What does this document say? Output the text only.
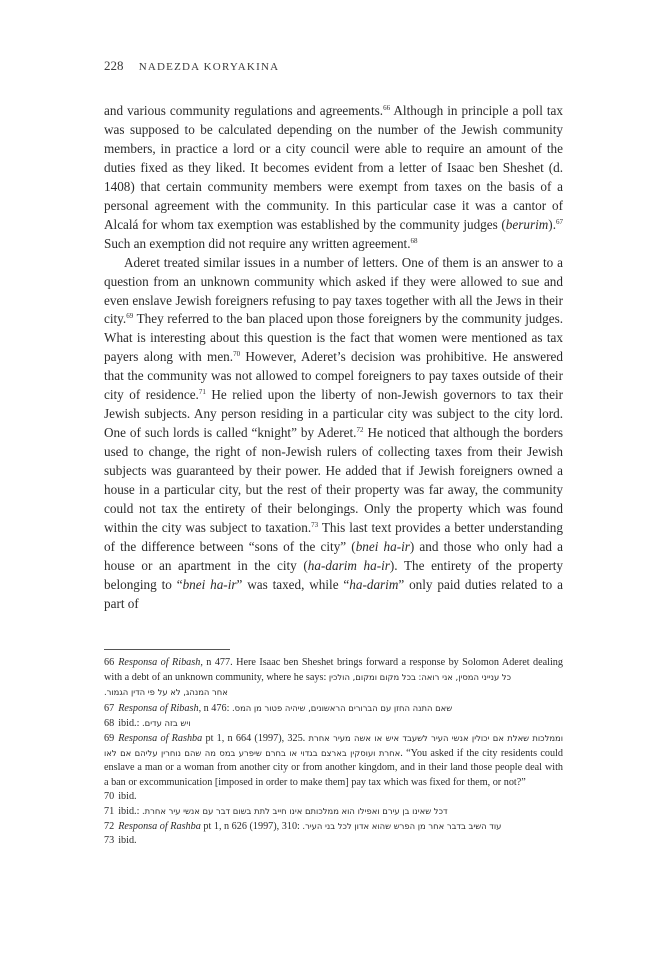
228 NADEZDA KORYAKINA

and various community regulations and agreements.$^{66}$ Although in principle a poll tax was supposed to be calculated depending on the number of the Jewish community members, in practice a lord or a city council were able to require an amount of the duties fixed as they liked. It becomes evident from a letter of Isaac ben Sheshet (d. 1408) that certain community members were exempt from taxes on the basis of a personal agreement with the community. In this particular case it was a cantor of Alcalá for whom tax exemption was established by the community judges (berurim).$^{67}$ Such an exemption did not require any written agreement.$^{68}$

Aderet treated similar issues in a number of letters. One of them is an answer to a question from an unknown community which asked if they were allowed to sue and even enslave Jewish foreigners refusing to pay taxes together with all the Jews in their city.$^{69}$ They referred to the ban placed upon those foreigners by the community judges. What is interesting about this question is the fact that women were mentioned as tax payers along with men.$^{70}$ However, Aderet’s decision was prohibitive. He answered that the community was not allowed to compel foreigners to pay taxes outside of their city of residence.$^{71}$ He relied upon the liberty of non-Jewish governors to tax their Jewish subjects. Any person residing in a particular city was subject to the city lord. One of such lords is called “knight” by Aderet.$^{72}$ He noticed that although the borders used to change, the right of non-Jewish rulers of collecting taxes from their Jewish subjects was guaranteed by their power. He added that if Jewish foreigners owned a house in a particular city, but the rest of their property was far away, the community could not tax the entirety of their belongings. Only the property which was found within the city was subject to taxation.$^{73}$ This last text provides a better understanding of the difference between “sons of the city” (bnei ha-ir) and those who only had a house or an apartment in the city (ha-darim ha-ir). The entirety of the property belonging to “bnei ha-ir” was taxed, while “ha-darim” only paid duties related to a part of

66 Responsa of Ribash, n 477. Here Isaac ben Sheshet brings forward a response by Solomon Aderet dealing with a debt of an unknown community, where he says: כל ענייני המסין, אני רואה: בכל מקום ומקום, הולכין
אחר המנהג, לא על פי הדין הגמור.

67 Responsa of Ribash, n 476: שאם התנה החזן עם הברורים הראשונים, שיהיה פטור מן המס.

68 ibid.: ויש בזה עדים.

69 Responsa of Rashba pt 1, n 664 (1997), 325. שאלת אם יכולין אנשי העיר לשעבד איש או אשה מעיר אחרת וממלכות אחרת ועוסקין בארצם בגדוי או בחרם שיפרע במס מה שהם נוחרין עליהם אם לאו. “You asked if the city residents could enslave a man or a woman from another city or from another kingdom, and in their land those people deal with a ban or excommunication [imposed in order to make them] pay tax which was fixed for them, or not?”

70 ibid.

71 ibid.: דכל שאינו בן עירם ואפילו הוא ממלכותם אינו חייב לתת בשום דבר עם אנשי עיר אחרת.

72 Responsa of Rashba pt 1, n 626 (1997), 310: עוד השיב בדבר אחר מן הפרש שהוא אדון לכל בני העיר.

73 ibid.
